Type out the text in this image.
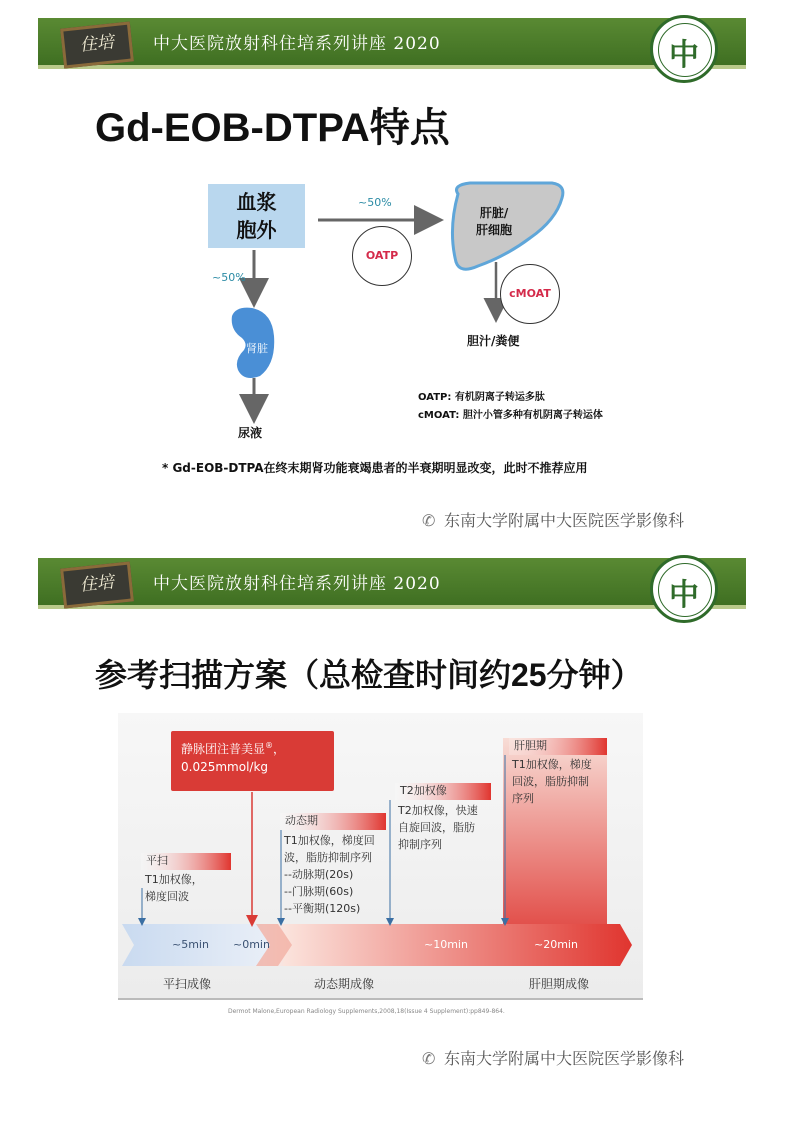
住培	中大医院放射科住培系列讲座 2020	中
Gd-EOB-DTPA特点
血浆
胞外
~50%
~50%
OATP
cMOAT
肝脏/
肝细胞
肾脏
胆汁/粪便
尿液
OATP: 有机阴离子转运多肽
cMOAT: 胆汁小管多种有机阴离子转运体
* Gd-EOB-DTPA在终末期肾功能衰竭患者的半衰期明显改变，此时不推荐应用
✆ 东南大学附属中大医院医学影像科
住培	中大医院放射科住培系列讲座 2020	中
参考扫描方案（总检查时间约25分钟）
静脉团注普美显®，
0.025mmol/kg
平扫
T1加权像，
梯度回波
动态期
T1加权像，梯度回
波，脂肪抑制序列
--动脉期(20s)
--门脉期(60s)
--平衡期(120s)
T2加权像
T2加权像，快速
自旋回波，脂肪
抑制序列
肝胆期
T1加权像，梯度
回波，脂肪抑制
序列
~5min ~0min	~10min	~20min
平扫成像	动态期成像	肝胆期成像
Dermot Malone,European Radiology Supplements,2008,18(Issue 4 Supplement):pp849-864.
✆ 东南大学附属中大医院医学影像科
